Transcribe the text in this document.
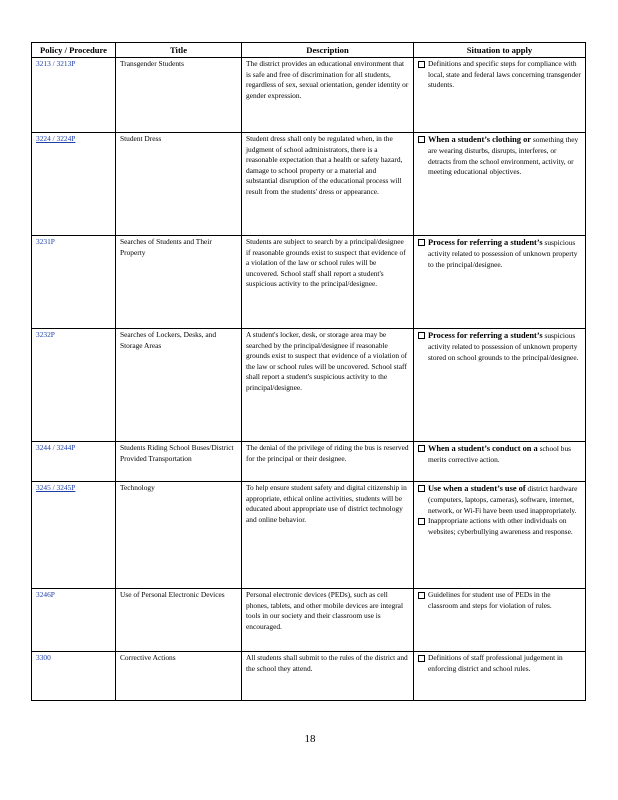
Policy / Procedure	Title	Description	Situation to apply
3213 / 3213P	Transgender Students	The district provides an educational environment that is safe and free of discrimination for all students, regardless of sex, sexual orientation, gender identity or gender expression.	Definitions and specific steps for compliance with local, state and federal laws concerning transgender students.

3224 / 3224P	Student Dress	Student dress shall only be regulated when, in the judgment of school administrators, there is a reasonable expectation that a health or safety hazard, damage to school property or a material and substantial disruption of the educational process will result from the students' dress or appearance.	When a student’s clothing or something they are wearing disturbs, disrupts, interferes, or detracts from the school environment, activity, or meeting educational objectives.

3231P	Searches of Students and Their Property	Students are subject to search by a principal/designee if reasonable grounds exist to suspect that evidence of a violation of the law or school rules will be uncovered. School staff shall report a student's suspicious activity to the principal/designee.	Process for referring a student’s suspicious activity related to possession of unknown property to the principal/designee.

3232P	Searches of Lockers, Desks, and Storage Areas	A student's locker, desk, or storage area may be searched by the principal/designee if reasonable grounds exist to suspect that evidence of a violation of the law or school rules will be uncovered. School staff shall report a student's suspicious activity to the principal/designee.	Process for referring a student’s suspicious activity related to possession of unknown property stored on school grounds to the principal/designee.

3244 / 3244P	Students Riding School Buses/District Provided Transportation	The denial of the privilege of riding the bus is reserved for the principal or their designee.	When a student’s conduct on a school bus merits corrective action.

3245 / 3245P	Technology	To help ensure student safety and digital citizenship in appropriate, ethical online activities, students will be educated about appropriate use of district technology and online behavior.	Use when a student’s use of district hardware (computers, laptops, cameras), software, internet, network, or Wi-Fi have been used inappropriately.
Inappropriate actions with other individuals on websites; cyberbullying awareness and response.

3246P	Use of Personal Electronic Devices	Personal electronic devices (PEDs), such as cell phones, tablets, and other mobile devices are integral tools in our society and their classroom use is encouraged.	Guidelines for student use of PEDs in the classroom and steps for violation of rules.

3300	Corrective Actions	All students shall submit to the rules of the district and the school they attend.	Definitions of staff professional judgement in enforcing district and school rules.
18
